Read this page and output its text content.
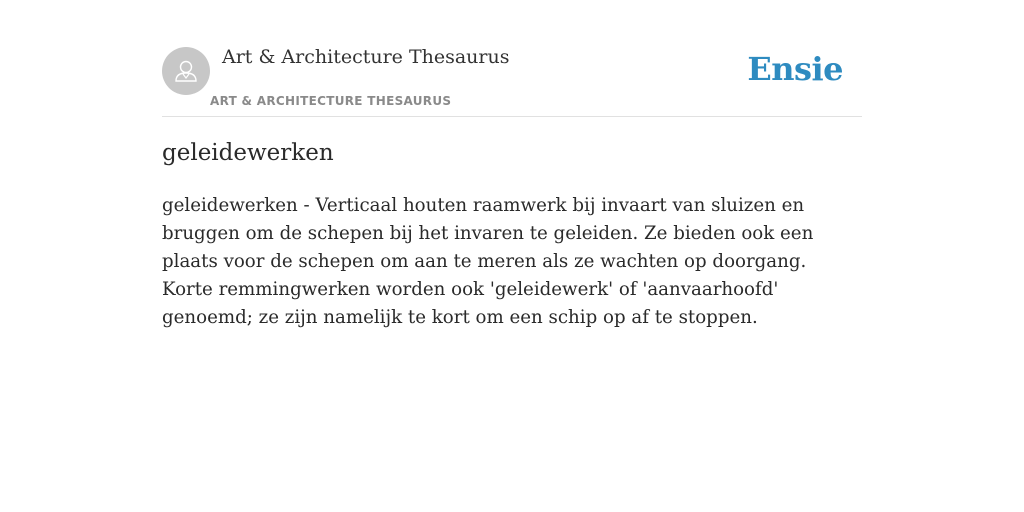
Art & Architecture Thesaurus
ART & ARCHITECTURE THESAURUS
Ensie
geleidewerken

geleidewerken - Verticaal houten raamwerk bij invaart van sluizen en bruggen om de schepen bij het invaren te geleiden. Ze bieden ook een plaats voor de schepen om aan te meren als ze wachten op doorgang. Korte remmingwerken worden ook 'geleidewerk' of 'aanvaarhoofd' genoemd; ze zijn namelijk te kort om een schip op af te stoppen.
